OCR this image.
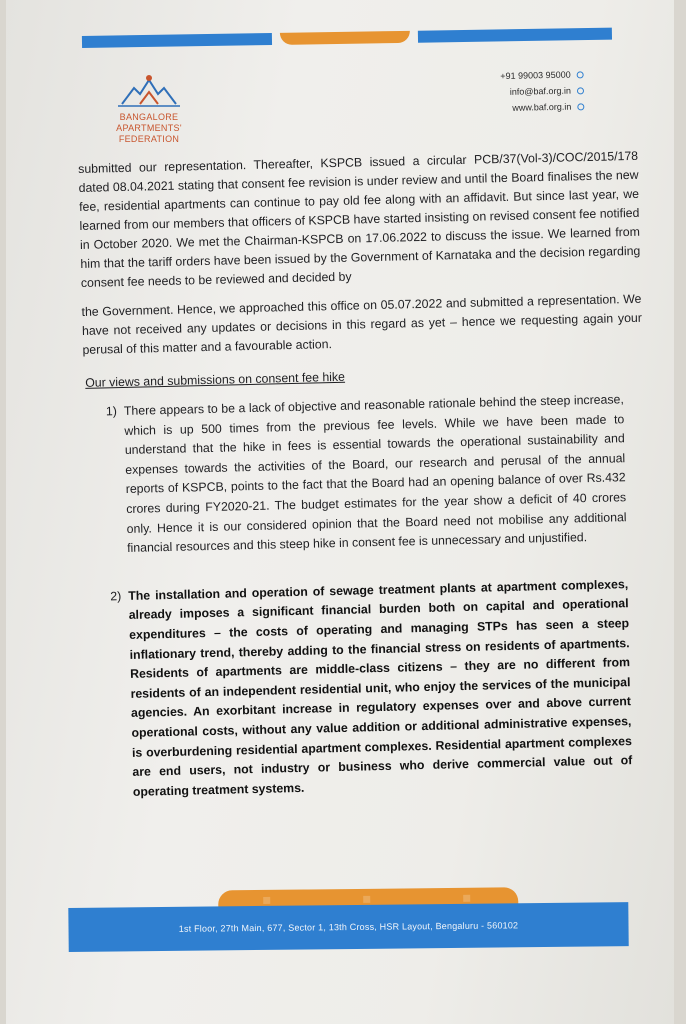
BANGALORE
APARTMENTS'
FEDERATION
+91 99003 95000
info@baf.org.in
www.baf.org.in

submitted our representation. Thereafter, KSPCB issued a circular PCB/37(Vol-3)/COC/2015/178 dated 08.04.2021 stating that consent fee revision is under review and until the Board finalises the new fee, residential apartments can continue to pay old fee along with an affidavit. But since last year, we learned from our members that officers of KSPCB have started insisting on revised consent fee notified in October 2020. We met the Chairman-KSPCB on 17.06.2022 to discuss the issue. We learned from him that the tariff orders have been issued by the Government of Karnataka and the decision regarding consent fee needs to be reviewed and decided by

the Government. Hence, we approached this office on 05.07.2022 and submitted a representation. We have not received any updates or decisions in this regard as yet – hence we requesting again your perusal of this matter and a favourable action.

Our views and submissions on consent fee hike
1) There appears to be a lack of objective and reasonable rationale behind the steep increase, which is up 500 times from the previous fee levels. While we have been made to understand that the hike in fees is essential towards the operational sustainability and expenses towards the activities of the Board, our research and perusal of the annual reports of KSPCB, points to the fact that the Board had an opening balance of over Rs.432 crores during FY2020-21. The budget estimates for the year show a deficit of 40 crores only. Hence it is our considered opinion that the Board need not mobilise any additional financial resources and this steep hike in consent fee is unnecessary and unjustified.

2) The installation and operation of sewage treatment plants at apartment complexes, already imposes a significant financial burden both on capital and operational expenditures – the costs of operating and managing STPs has seen a steep inflationary trend, thereby adding to the financial stress on residents of apartments. Residents of apartments are middle-class citizens – they are no different from residents of an independent residential unit, who enjoy the services of the municipal agencies. An exorbitant increase in regulatory expenses over and above current operational costs, without any value addition or additional administrative expenses, is overburdening residential apartment complexes. Residential apartment complexes are end users, not industry or business who derive commercial value out of operating treatment systems.

1st Floor, 27th Main, 677, Sector 1, 13th Cross, HSR Layout, Bengaluru - 560102
